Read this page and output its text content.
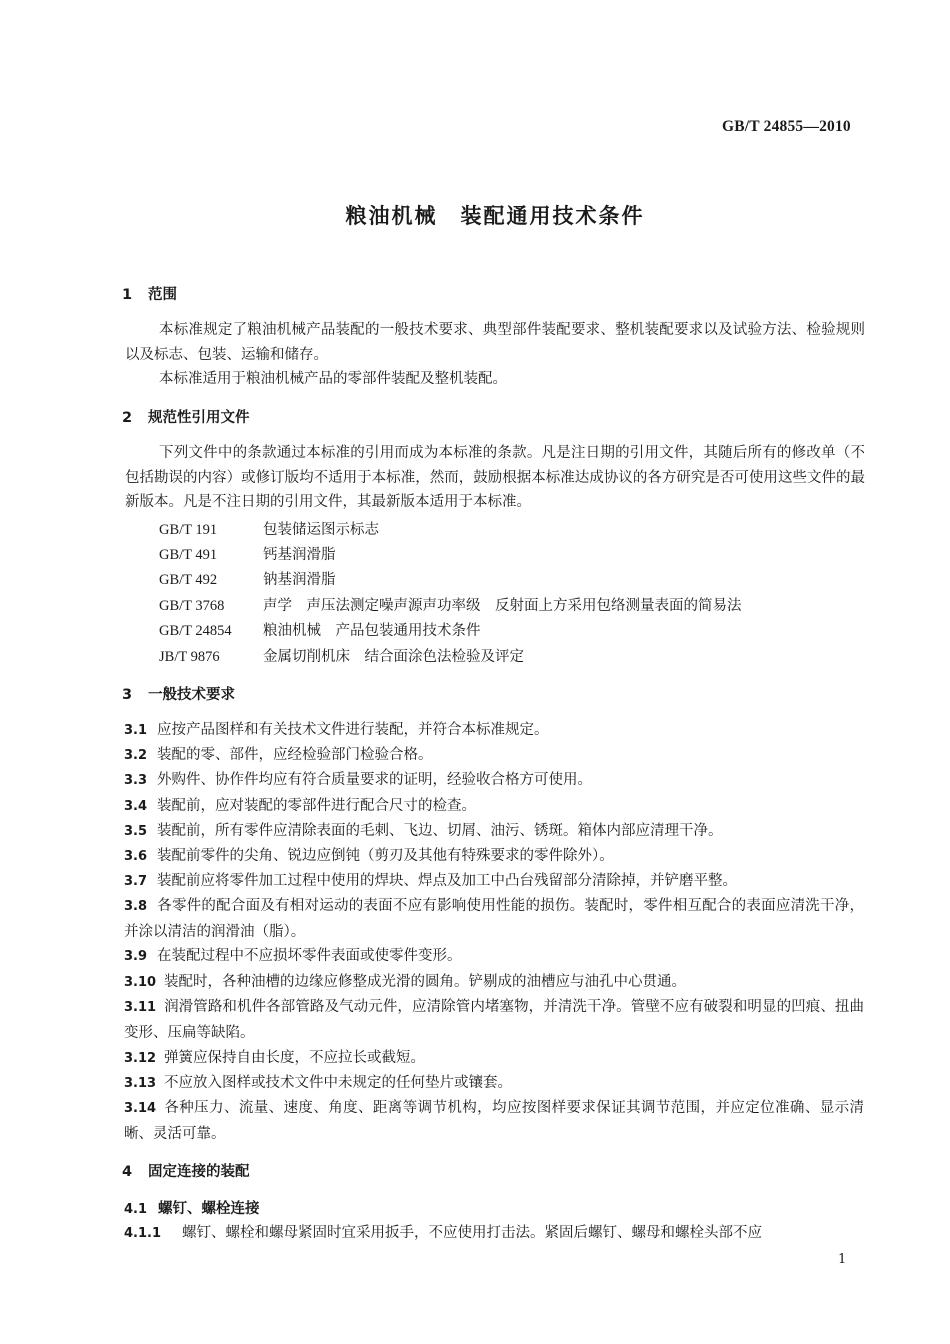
GB/T 24855—2010
粮油机械　装配通用技术条件
1 范围
本标准规定了粮油机械产品装配的一般技术要求、典型部件装配要求、整机装配要求以及试验方法、检验规则以及标志、包装、运输和储存。
本标准适用于粮油机械产品的零部件装配及整机装配。
2 规范性引用文件
下列文件中的条款通过本标准的引用而成为本标准的条款。凡是注日期的引用文件，其随后所有的修改单（不包括勘误的内容）或修订版均不适用于本标准，然而，鼓励根据本标准达成协议的各方研究是否可使用这些文件的最新版本。凡是不注日期的引用文件，其最新版本适用于本标准。
GB/T 191	包装储运图示标志
GB/T 491	钙基润滑脂
GB/T 492	钠基润滑脂
GB/T 3768	声学　声压法测定噪声源声功率级　反射面上方采用包络测量表面的简易法
GB/T 24854 粮油机械　产品包装通用技术条件
JB/T 9876	金属切削机床　结合面涂色法检验及评定
3 一般技术要求
3.1 应按产品图样和有关技术文件进行装配，并符合本标准规定。
3.2 装配的零、部件，应经检验部门检验合格。
3.3 外购件、协作件均应有符合质量要求的证明，经验收合格方可使用。
3.4 装配前，应对装配的零部件进行配合尺寸的检查。
3.5 装配前，所有零件应清除表面的毛刺、飞边、切屑、油污、锈斑。箱体内部应清理干净。
3.6 装配前零件的尖角、锐边应倒钝（剪刃及其他有特殊要求的零件除外）。
3.7 装配前应将零件加工过程中使用的焊块、焊点及加工中凸台残留部分清除掉，并铲磨平整。
3.8 各零件的配合面及有相对运动的表面不应有影响使用性能的损伤。装配时，零件相互配合的表面应清洗干净，并涂以清洁的润滑油（脂）。
3.9 在装配过程中不应损坏零件表面或使零件变形。
3.10 装配时，各种油槽的边缘应修整成光滑的圆角。铲剔成的油槽应与油孔中心贯通。
3.11 润滑管路和机件各部管路及气动元件，应清除管内堵塞物，并清洗干净。管壁不应有破裂和明显的凹痕、扭曲变形、压扁等缺陷。
3.12 弹簧应保持自由长度，不应拉长或截短。
3.13 不应放入图样或技术文件中未规定的任何垫片或镶套。
3.14 各种压力、流量、速度、角度、距离等调节机构，均应按图样要求保证其调节范围，并应定位准确、显示清晰、灵活可靠。
4 固定连接的装配
4.1 螺钉、螺栓连接
4.1.1 螺钉、螺栓和螺母紧固时宜采用扳手，不应使用打击法。紧固后螺钉、螺母和螺栓头部不应
1
